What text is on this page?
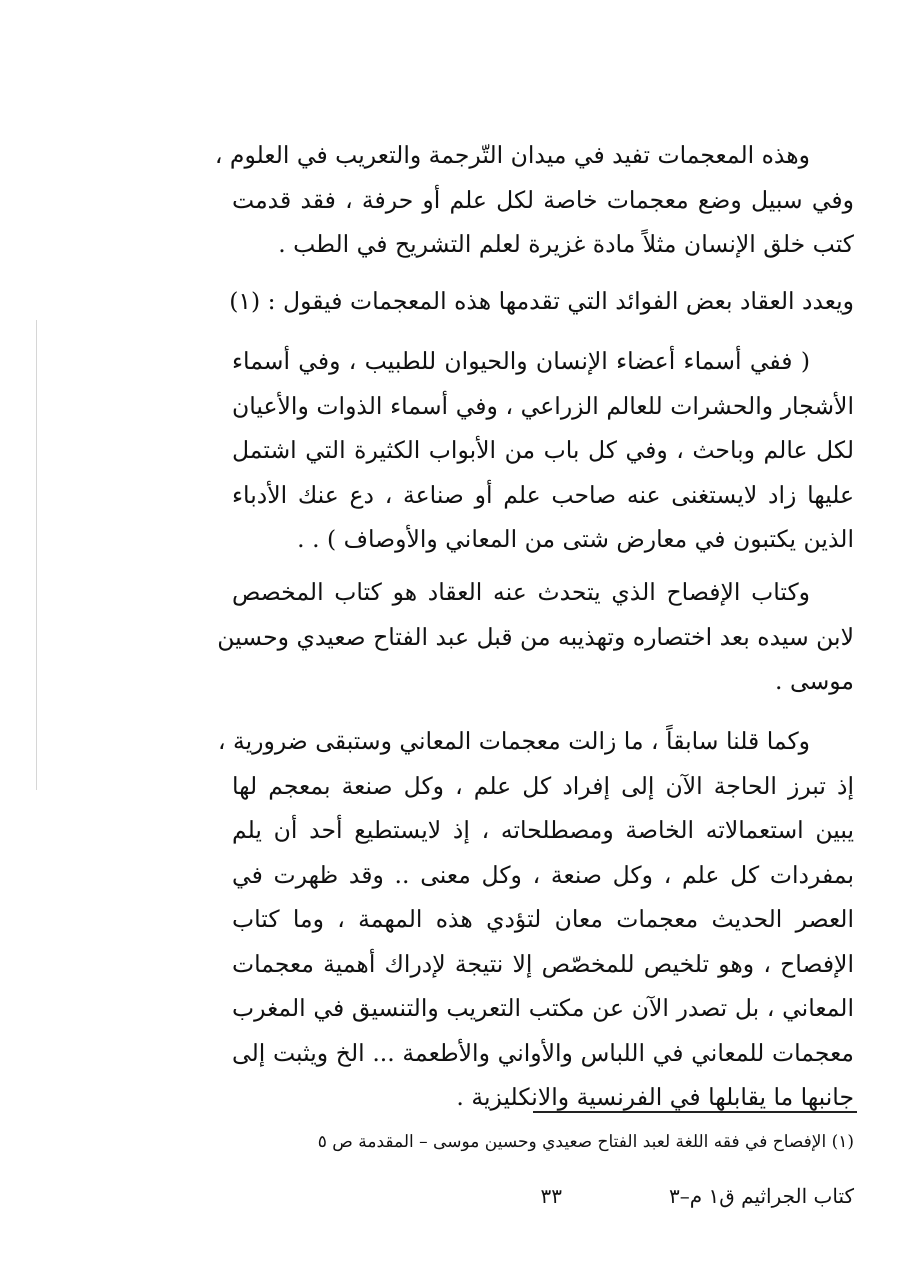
وهذه المعجمات تفيد في ميدان التّرجمة والتعريب في العلوم ،
وفي سبيل وضع معجمات خاصة لكل علم أو حرفة ، فقد قدمت
كتب خلق الإنسان مثلاً مادة غزيرة لعلم التشريح في الطب .
ويعدد العقاد بعض الفوائد التي تقدمها هذه المعجمات فيقول : (١)
( ففي أسماء أعضاء الإنسان والحيوان للطبيب ، وفي أسماء
الأشجار والحشرات للعالم الزراعي ، وفي أسماء الذوات والأعيان
لكل عالم وباحث ، وفي كل باب من الأبواب الكثيرة التي اشتمل
عليها زاد لايستغنى عنه صاحب علم أو صناعة ، دع عنك الأدباء
الذين يكتبون في معارض شتى من المعاني والأوصاف ) . .
وكتاب الإفصاح الذي يتحدث عنه العقاد هو كتاب المخصص
لابن سيده بعد اختصاره وتهذيبه من قبل عبد الفتاح صعيدي وحسين
موسى .
وكما قلنا سابقاً ، ما زالت معجمات المعاني وستبقى ضرورية ،
إذ تبرز الحاجة الآن إلى إفراد كل علم ، وكل صنعة بمعجم لها
يبين استعمالاته الخاصة ومصطلحاته ، إذ لايستطيع أحد أن يلم
بمفردات كل علم ، وكل صنعة ، وكل معنى .. وقد ظهرت في
العصر الحديث معجمات معان لتؤدي هذه المهمة ، وما كتاب
الإفصاح ، وهو تلخيص للمخصّص إلا نتيجة لإدراك أهمية معجمات
المعاني ، بل تصدر الآن عن مكتب التعريب والتنسيق في المغرب
معجمات للمعاني في اللباس والأواني والأطعمة ... الخ ويثبت إلى
جانبها ما يقابلها في الفرنسية والانكليزية .
(١) الإفصاح في فقه اللغة لعبد الفتاح صعيدي وحسين موسى – المقدمة ص ٥
كتاب الجراثيم ق١ م–٣
٣٣
